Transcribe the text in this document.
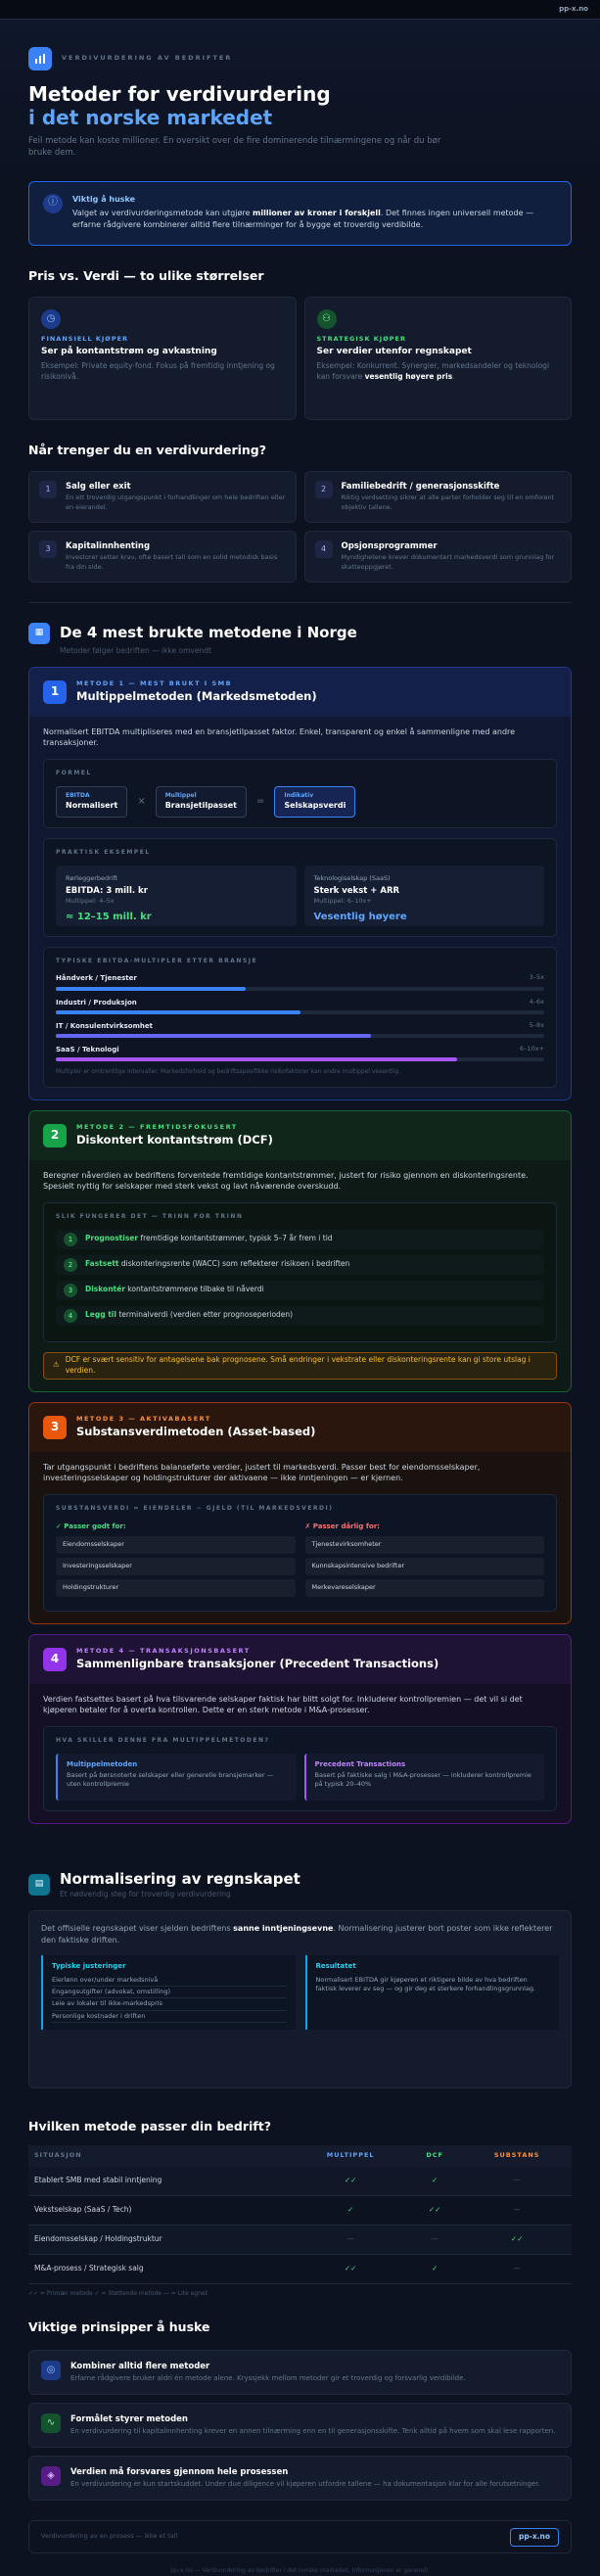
pp-x.no
VERDIVURDERING AV BEDRIFTER
Metoder for verdivurdering
i det norske markedet

Feil metode kan koste millioner. En oversikt over de fire dominerende tilnærmingene og når du bør bruke dem.

ⓘ	Viktig å huske

Valget av verdivurderingsmetode kan utgjøre millioner av kroner i forskjell. Det finnes ingen universell metode — erfarne rådgivere kombinerer alltid flere tilnærminger for å bygge et troverdig verdibilde.

Pris vs. Verdi — to ulike størrelser
◷
FINANSIELL KJØPER
Ser på kontantstrøm og avkastning

Eksempel: Private equity-fond. Fokus på fremtidig inntjening og risikonivå.

⚇
STRATEGISK KJØPER
Ser verdier utenfor regnskapet

Eksempel: Konkurrent. Synergier, markedsandeler og teknologi kan forsvare vesentlig høyere pris.

Når trenger du en verdivurdering?
1	Salg eller exit

En ett troverdig utgangspunkt i forhandlinger om hele bedriften eller en eierandel.

2	Familiebedrift / generasjonsskifte

Riktig verdsetting sikrer at alle parter forholder seg til en omforent objektiv tallene.

3	Kapitalinnhenting

Investorer setter krav, ofte basert tall som en solid metodisk basis fra din side.

4	Opsjonsprogrammer

Myndighetene krever dokumentert markedsverdi som grunnlag for skatteoppgjøret.

▦	De 4 mest brukte metodene i Norge
Metoder følger bedriften — ikke omvendt
1
METODE 1 — MEST BRUKT I SMB
Multippelmetoden (Markedsmetoden)

Normalisert EBITDA multipliseres med en bransjetilpasset faktor. Enkel, transparent og enkel å sammenligne med andre transaksjoner.

FORMEL
EBITDA
Normalisert ×
Multippel
Bransjetilpasset =
Indikativ
Selskapsverdi
PRAKTISK EKSEMPEL
Rørleggerbedrift
EBITDA: 3 mill. kr
Multippel: 4–5x
≈ 12–15 mill. kr
Teknologiselskap (SaaS)
Sterk vekst + ARR
Multippel: 6–10x+
Vesentlig høyere
TYPISKE EBITDA-MULTIPLER ETTER BRANSJE
Håndverk / Tjenester	3–5x
Industri / Produksjon	4–6x
IT / Konsulentvirksomhet	5–8x
SaaS / Teknologi	6–10x+
Multipler er omtrentlige intervaller. Markedsforhold og bedriftsspesifikke risikofaktorer kan endre multippel vesentlig.
2
METODE 2 — FREMTIDSFOKUSERT
Diskontert kontantstrøm (DCF)

Beregner nåverdien av bedriftens forventede fremtidige kontantstrømmer, justert for risiko gjennom en diskonteringsrente. Spesielt nyttig for selskaper med sterk vekst og lavt nåværende overskudd.

SLIK FUNGERER DET — TRINN FOR TRINN
1	Prognostiser fremtidige kontantstrømmer, typisk 5–7 år frem i tid
2	Fastsett diskonteringsrente (WACC) som reflekterer risikoen i bedriften
3	Diskontér kontantstrømmene tilbake til nåverdi
4	Legg til terminalverdi (verdien etter prognoseperioden)
⚠
DCF er svært sensitiv for antagelsene bak prognosene. Små endringer i vekstrate eller diskonteringsrente kan gi store utslag i verdien.
3
METODE 3 — AKTIVABASERT
Substansverdimetoden (Asset-based)

Tar utgangspunkt i bedriftens balanseførte verdier, justert til markedsverdi. Passer best for eiendomsselskaper, investeringsselskaper og holdingstrukturer der aktivaene — ikke inntjeningen — er kjernen.

SUBSTANSVERDI = EIENDELER − GJELD (TIL MARKEDSVERDI)
✓ Passer godt for:
Eiendomsselskaper
Investeringsselskaper
Holdingstrukturer
✗ Passer dårlig for:
Tjenestevirksomheter
Kunnskapsintensive bedrifter
Merkevareselskaper
4
METODE 4 — TRANSAKSJONSBASERT
Sammenlignbare transaksjoner (Precedent Transactions)

Verdien fastsettes basert på hva tilsvarende selskaper faktisk har blitt solgt for. Inkluderer kontrollpremien — det vil si det kjøperen betaler for å overta kontrollen. Dette er en sterk metode i M&A-prosesser.

HVA SKILLER DENNE FRA MULTIPPELMETODEN?
Multippelmetoden

Basert på børsnoterte selskaper eller generelle bransjemarker — uten kontrollpremie

Precedent Transactions

Basert på faktiske salg i M&A-prosesser — inkluderer kontrollpremie på typisk 20–40%

▤	Normalisering av regnskapet
Et nødvendig steg for troverdig verdivurdering

Det offisielle regnskapet viser sjelden bedriftens sanne inntjeningsevne. Normalisering justerer bort poster som ikke reflekterer den faktiske driften.

Typiske justeringer
Eierlønn over/under markedsnivå
Engangsutgifter (advokat, omstilling)
Leie av lokaler til ikke-markedspris
Personlige kostnader i driften
Resultatet
Normalisert EBITDA gir kjøperen et riktigere bilde av hva bedriften faktisk leverer av seg — og gir deg et sterkere forhandlingsgrunnlag.
Hvilken metode passer din bedrift?
SITUASJON	MULTIPPEL	DCF	SUBSTANS
Etablert SMB med stabil inntjening	✓✓	✓	—
Vekstselskap (SaaS / Tech)	✓	✓✓	—
Eiendomsselskap / Holdingstruktur	—	—	✓✓
M&A-prosess / Strategisk salg	✓✓	✓	—
✓✓ = Primær metode ✓ = Støttende metode — = Lite egnet
Viktige prinsipper å huske
◎	Kombiner alltid flere metoder

Erfarne rådgivere bruker aldri én metode alene. Kryssjekk mellom metoder gir et troverdig og forsvarlig verdibilde.

∿	Formålet styrer metoden

En verdivurdering til kapitalinnhenting krever en annen tilnærming enn en til generasjonsskifte. Tenk alltid på hvem som skal lese rapporten.

◈	Verdien må forsvares gjennom hele prosessen

En verdivurdering er kun startskuddet. Under due diligence vil kjøperen utfordre tallene — ha dokumentasjon klar for alle forutsetninger.

Verdivurdering av en prosess — ikke et tall	pp-x.no
pp-x.no — Verdivurdering av bedrifter i det norske markedet. Informasjonen er generell.
